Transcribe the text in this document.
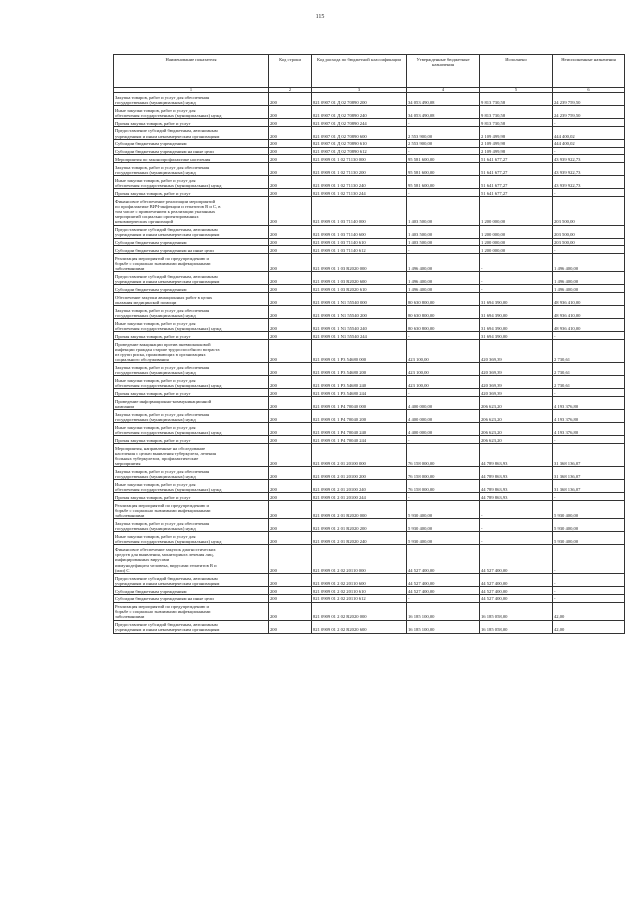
115
Наименование показателя	Код строки	Код расхода по бюджетной классификации	Утвержденные бюджетные назначения	Исполнено	Неисполненные назначения
1	2	3	4	5	6

Закупка товаров, работ и услуг для обеспечения
государственных (муниципальных) нужд	200	821 0907 01 Д 02 70890 200	34 053 490,08	9 813 730,58	24 239 759,50

Иные закупки товаров, работ и услуг для
обеспечения государственных (муниципальных) нужд	200	821 0907 01 Д 02 70890 240	34 053 490,08	9 813 730,58	24 239 759,50

Прочая закупка товаров, работ и услуг	200	821 0907 01 Д 02 70890 244	-	9 813 730,58	-

Предоставление субсидий бюджетным, автономным
учреждениям и иным некоммерческим организациям	200	821 0907 01 Д 02 70890 600	2 553 900,00	2 109 499,98	444 400,02

Субсидии бюджетным учреждениям	200	821 0907 01 Д 02 70890 610	2 553 900,00	2 109 499,98	444 400,02

Субсидии бюджетным учреждениям на иные цели	200	821 0907 01 Д 02 70890 612	-	2 109 499,98	-

Мероприятия по законопрофилактике населения	200	821 0909 01 1 02 71130 000	95 581 600,00	51 641 677,27	43 939 922,73

Закупка товаров, работ и услуг для обеспечения
государственных (муниципальных) нужд	200	821 0909 01 1 02 71130 200	95 581 600,00	51 641 677,27	43 939 922,73

Иные закупки товаров, работ и услуг для
обеспечения государственных (муниципальных) нужд	200	821 0909 01 1 02 71130 240	95 581 600,00	51 641 677,27	43 939 922,73

Прочая закупка товаров, работ и услуг	200	821 0909 01 1 02 71130 244	-	51 641 677,27	-

Финансовое обеспечение реализации мероприятий
по профилактике ВИЧ-инфекции и гепатитов В и С, в
том числе с привлечением к реализации указанных
мероприятий социально ориентированных
некоммерческих организаций	200	821 0909 01 1 03 71140 000	1 403 500,00	1 200 000,00	203 500,00

Предоставление субсидий бюджетным, автономным
учреждениям и иным некоммерческим организациям	200	821 0909 01 1 03 71140 600	1 403 500,00	1 200 000,00	203 500,00

Субсидии бюджетным учреждениям	200	821 0909 01 1 03 71140 610	1 403 500,00	1 200 000,00	203 500,00

Субсидии бюджетным учреждениям на иные цели	200	821 0909 01 1 03 71140 612	-	1 200 000,00	-

Реализация мероприятий по предупреждению и
борьбе с социально значимыми инфекционными
заболеваниями	200	821 0909 01 1 03 R2020 000	1 496 400,00	-	1 496 400,00

Предоставление субсидий бюджетным, автономным
учреждениям и иным некоммерческим организациям	200	821 0909 01 1 03 R2020 600	1 496 400,00	-	1 496 400,00

Субсидии бюджетным учреждениям	200	821 0909 01 1 03 R2020 610	1 496 400,00	-	1 496 400,00

Обеспечение закупки авиационных работ в целях
оказания медицинской помощи	200	821 0909 01 1 N1 55540 000	80 630 800,00	31 694 390,00	48 936 410,00

Закупка товаров, работ и услуг для обеспечения
государственных (муниципальных) нужд	200	821 0909 01 1 N1 55540 200	80 630 800,00	31 694 390,00	48 936 410,00

Иные закупки товаров, работ и услуг для
обеспечения государственных (муниципальных) нужд	200	821 0909 01 1 N1 55540 240	80 630 800,00	31 694 390,00	48 936 410,00

Прочая закупка товаров, работ и услуг	200	821 0909 01 1 N1 55540 244	-	31 694 390,00	-

Проведение вакцинации против пневмококковой
инфекции граждан старше трудоспособного возраста
из групп риска, проживающих в организациях
социального обслуживания	200	821 0909 01 1 P3 54680 000	423 100,00	420 369,39	2 730,61

Закупка товаров, работ и услуг для обеспечения
государственных (муниципальных) нужд	200	821 0909 01 1 P3 54680 200	423 100,00	420 369,39	2 730,61

Иные закупки товаров, работ и услуг для
обеспечения государственных (муниципальных) нужд	200	821 0909 01 1 P3 54680 240	423 100,00	420 369,39	2 730,61

Прочая закупка товаров, работ и услуг	200	821 0909 01 1 P3 54680 244	-	420 369,39	-

Проведение информационно-коммуникационной
кампании	200	821 0909 01 1 P4 70040 000	4 400 000,00	206 623,20	4 193 376,80

Закупка товаров, работ и услуг для обеспечения
государственных (муниципальных) нужд	200	821 0909 01 1 P4 70040 200	4 400 000,00	206 623,20	4 193 376,80

Иные закупки товаров, работ и услуг для
обеспечения государственных (муниципальных) нужд	200	821 0909 01 1 P4 70040 240	4 400 000,00	206 623,20	4 193 376,80

Прочая закупка товаров, работ и услуг	200	821 0909 01 1 P4 70040 244	-	206 623,20	-

Мероприятия, направленные на обследование
населения с целью выявления туберкулеза, лечения
больных туберкулезом, профилактические
мероприятия	200	821 0909 01 2 01 20100 000	76 158 000,00	44 789 863,93	31 368 136,07

Закупка товаров, работ и услуг для обеспечения
государственных (муниципальных) нужд	200	821 0909 01 2 01 20100 200	76 158 000,00	44 789 863,93	31 368 136,07

Иные закупки товаров, работ и услуг для
обеспечения государственных (муниципальных) нужд	200	821 0909 01 2 01 20100 240	76 158 000,00	44 789 863,93	31 368 136,07

Прочая закупка товаров, работ и услуг	200	821 0909 01 2 01 20100 244	-	44 789 863,93	-

Реализация мероприятий по предупреждению и
борьбе с социально значимыми инфекционными
заболеваниями	200	821 0909 01 2 01 R2020 000	5 930 400,00	-	5 930 400,00

Закупка товаров, работ и услуг для обеспечения
государственных (муниципальных) нужд	200	821 0909 01 2 01 R2020 200	5 930 400,00	-	5 930 400,00

Иные закупки товаров, работ и услуг для
обеспечения государственных (муниципальных) нужд	200	821 0909 01 2 01 R2020 240	5 930 400,00	-	5 930 400,00

Финансовое обеспечение закупок диагностических
средств для выявления, мониторинга лечения лиц,
инфицированных вирусами
иммунодефицита человека, вирусами гепатитов В и
(или) С	200	821 0909 01 2 02 20110 000	44 527 400,00	44 527 400,00	-

Предоставление субсидий бюджетным, автономным
учреждениям и иным некоммерческим организациям	200	821 0909 01 2 02 20110 600	44 527 400,00	44 527 400,00	-

Субсидии бюджетным учреждениям	200	821 0909 01 2 02 20110 610	44 527 400,00	44 527 400,00	-

Субсидии бюджетным учреждениям на иные цели	200	821 0909 01 2 02 20110 612	-	44 527 400,00	-

Реализация мероприятий по предупреждению и
борьбе с социально значимыми инфекционными
заболеваниями	200	821 0909 01 2 02 R2020 000	16 185 100,00	16 185 058,00	42,00

Предоставление субсидий бюджетным, автономным
учреждениям и иным некоммерческим организациям	200	821 0909 01 2 02 R2020 600	16 185 100,00	16 185 058,00	42,00
